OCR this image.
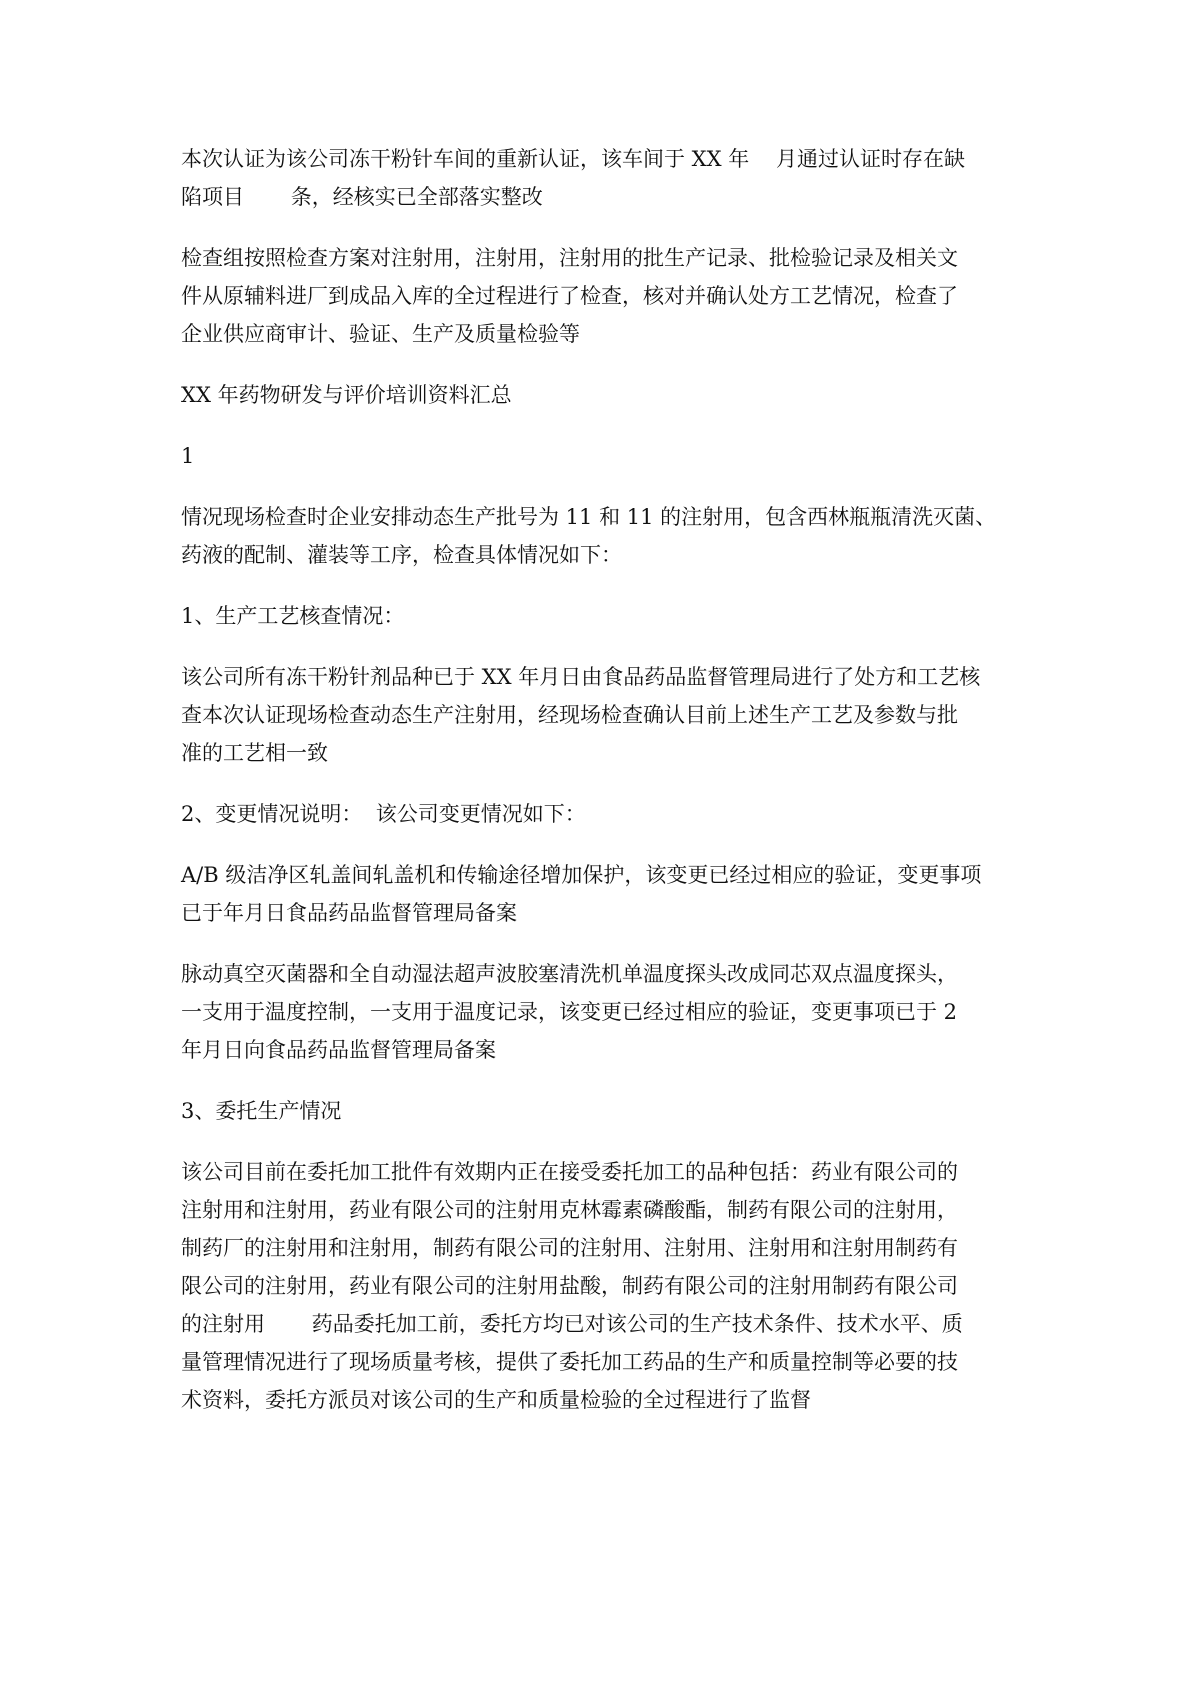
本次认证为该公司冻干粉针车间的重新认证，该车间于 XX 年    月通过认证时存在缺
陷项目       条，经核实已全部落实整改

检查组按照检查方案对注射用，注射用，注射用的批生产记录、批检验记录及相关文
件从原辅料进厂到成品入库的全过程进行了检查，核对并确认处方工艺情况，检查了
企业供应商审计、验证、生产及质量检验等

XX 年药物研发与评价培训资料汇总

1

情况现场检查时企业安排动态生产批号为 11 和 11 的注射用，包含西林瓶瓶清洗灭菌、
药液的配制、灌装等工序，检查具体情况如下：

1、生产工艺核查情况：

该公司所有冻干粉针剂品种已于 XX 年月日由食品药品监督管理局进行了处方和工艺核
查本次认证现场检查动态生产注射用，经现场检查确认目前上述生产工艺及参数与批
准的工艺相一致

2、变更情况说明：  该公司变更情况如下：

A/B 级洁净区轧盖间轧盖机和传输途径增加保护，该变更已经过相应的验证，变更事项
已于年月日食品药品监督管理局备案

脉动真空灭菌器和全自动湿法超声波胶塞清洗机单温度探头改成同芯双点温度探头，
一支用于温度控制，一支用于温度记录，该变更已经过相应的验证，变更事项已于 2
年月日向食品药品监督管理局备案

3、委托生产情况

该公司目前在委托加工批件有效期内正在接受委托加工的品种包括：药业有限公司的
注射用和注射用，药业有限公司的注射用克林霉素磷酸酯，制药有限公司的注射用，
制药厂的注射用和注射用，制药有限公司的注射用、注射用、注射用和注射用制药有
限公司的注射用，药业有限公司的注射用盐酸，制药有限公司的注射用制药有限公司
的注射用       药品委托加工前，委托方均已对该公司的生产技术条件、技术水平、质
量管理情况进行了现场质量考核，提供了委托加工药品的生产和质量控制等必要的技
术资料，委托方派员对该公司的生产和质量检验的全过程进行了监督
